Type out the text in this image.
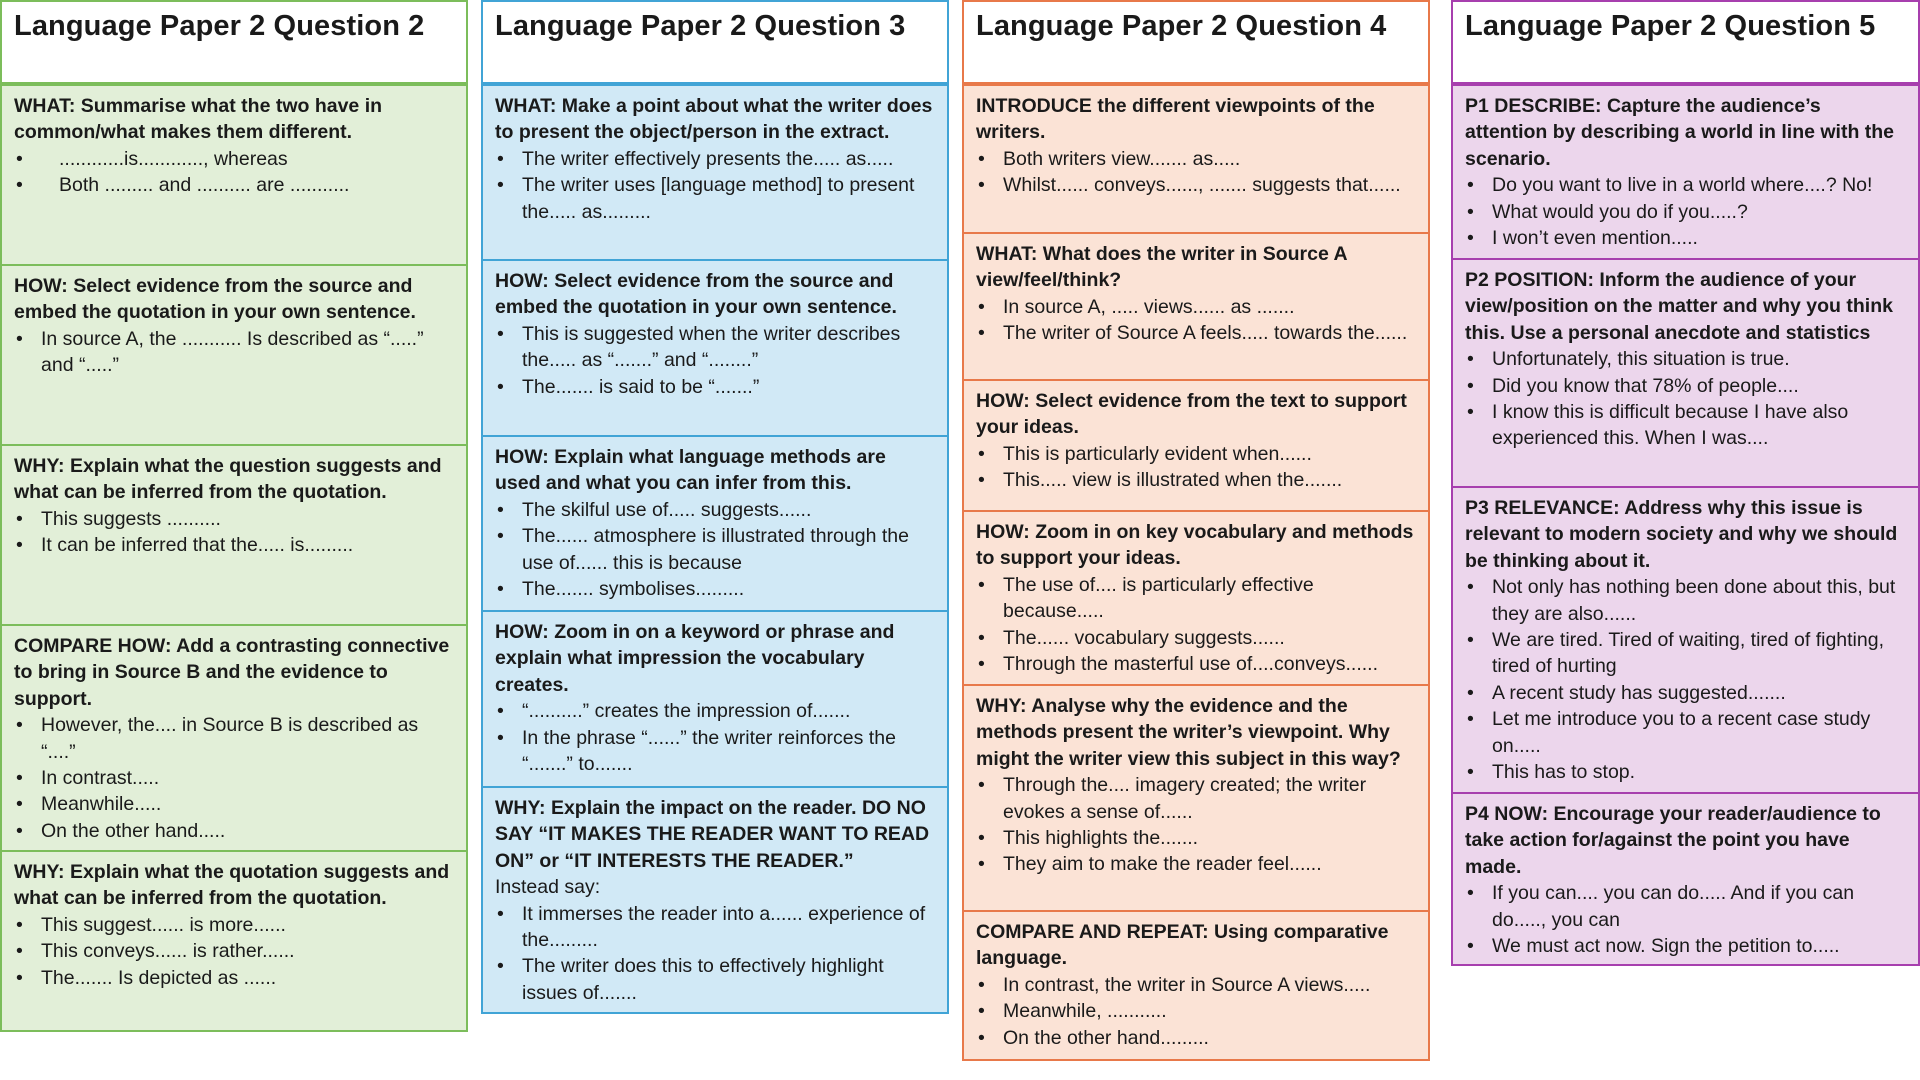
Language Paper 2 Question 2

WHAT: Summarise what the two have in common/what makes them different.

• ............is............, whereas
• Both ......... and .......... are ...........

HOW: Select evidence from the source and embed the quotation in your own sentence.

• In source A, the ........... Is described as “.....” and “.....”

WHY: Explain what the question suggests and what can be inferred from the quotation.

• This suggests ..........
• It can be inferred that the..... is.........

COMPARE HOW: Add a contrasting connective to bring in Source B and the evidence to support.

• However, the.... in Source B is described as “....”
• In contrast.....
• Meanwhile.....
• On the other hand.....

WHY: Explain what the quotation suggests and what can be inferred from the quotation.

• This suggest...... is more......
• This conveys...... is rather......
• The....... Is depicted as ......
Language Paper 2 Question 3

WHAT: Make a point about what the writer does to present the object/person in the extract.

• The writer effectively presents the..... as.....
• The writer uses [language method] to present the..... as.........

HOW: Select evidence from the source and embed the quotation in your own sentence.

• This is suggested when the writer describes the..... as “.......” and “........”
• The....... is said to be “.......”

HOW: Explain what language methods are used and what you can infer from this.

• The skilful use of..... suggests......
• The...... atmosphere is illustrated through the use of...... this is because
• The....... symbolises.........

HOW: Zoom in on a keyword or phrase and explain what impression the vocabulary creates.

• “..........” creates the impression of.......
• In the phrase “......” the writer reinforces the “.......” to.......

WHY: Explain the impact on the reader. DO NO SAY “IT MAKES THE READER WANT TO READ ON” or “IT INTERESTS THE READER.”

Instead say:

• It immerses the reader into a...... experience of the.........
• The writer does this to effectively highlight issues of.......
Language Paper 2 Question 4

INTRODUCE the different viewpoints of the writers.

• Both writers view....... as.....
• Whilst...... conveys......, ....... suggests that......

WHAT: What does the writer in Source A view/feel/think?

• In source A, ..... views...... as .......
• The writer of Source A feels..... towards the......

HOW: Select evidence from the text to support your ideas.

• This is particularly evident when......
• This..... view is illustrated when the.......

HOW: Zoom in on key vocabulary and methods to support your ideas.

• The use of.... is particularly effective because.....
• The...... vocabulary suggests......
• Through the masterful use of....conveys......

WHY: Analyse why the evidence and the methods present the writer’s viewpoint. Why might the writer view this subject in this way?

• Through the.... imagery created; the writer evokes a sense of......
• This highlights the.......
• They aim to make the reader feel......

COMPARE AND REPEAT: Using comparative language.

• In contrast, the writer in Source A views.....
• Meanwhile, ...........
• On the other hand.........
Language Paper 2 Question 5

P1 DESCRIBE: Capture the audience’s attention by describing a world in line with the scenario.

• Do you want to live in a world where....? No!
• What would you do if you.....?
• I won’t even mention.....

P2 POSITION: Inform the audience of your view/position on the matter and why you think this. Use a personal anecdote and statistics

• Unfortunately, this situation is true.
• Did you know that 78% of people....
• I know this is difficult because I have also experienced this. When I was....

P3 RELEVANCE: Address why this issue is relevant to modern society and why we should be thinking about it.

• Not only has nothing been done about this, but they are also......
• We are tired. Tired of waiting, tired of fighting, tired of hurting
• A recent study has suggested.......
• Let me introduce you to a recent case study on.....
• This has to stop.

P4 NOW: Encourage your reader/audience to take action for/against the point you have made.

• If you can.... you can do..... And if you can do....., you can
• We must act now. Sign the petition to.....
